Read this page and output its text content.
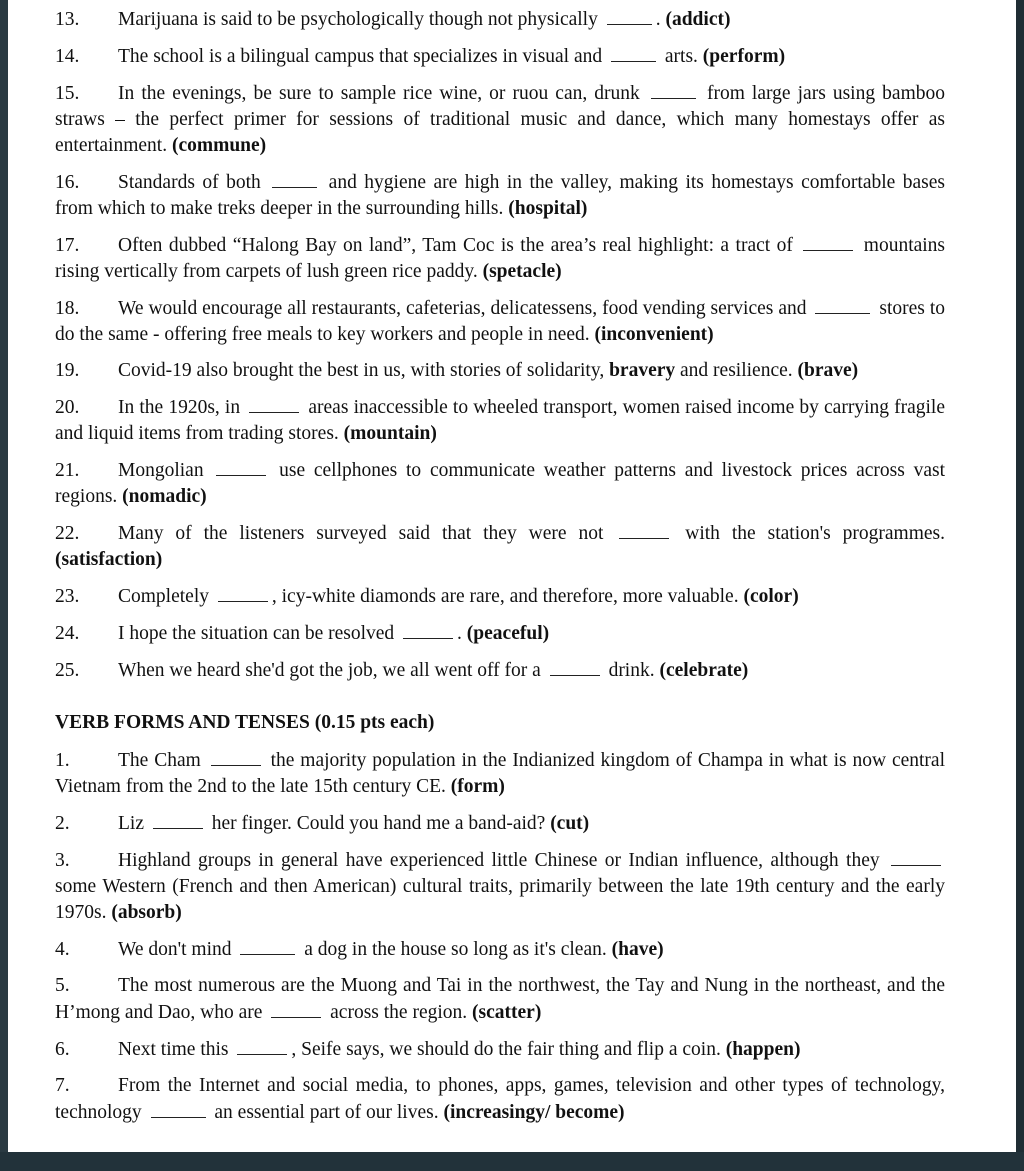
13. Marijuana is said to be psychologically though not physically	. (addict)
14. The school is a bilingual campus that specializes in visual and	arts. (perform)
15. In the evenings, be sure to sample rice wine, or ruou can, drunk	from large jars using bamboo straws – the perfect primer for sessions of traditional music and dance, which many homestays offer as entertainment. (commune)
16. Standards of both	and hygiene are high in the valley, making its homestays comfortable bases from which to make treks deeper in the surrounding hills. (hospital)
17. Often dubbed “Halong Bay on land”, Tam Coc is the area’s real highlight: a tract of	mountains rising vertically from carpets of lush green rice paddy. (spetacle)
18. We would encourage all restaurants, cafeterias, delicatessens, food vending services and	stores to do the same - offering free meals to key workers and people in need. (inconvenient)
19. Covid-19 also brought the best in us, with stories of solidarity, bravery and resilience. (brave)
20. In the 1920s, in	areas inaccessible to wheeled transport, women raised income by carrying fragile and liquid items from trading stores. (mountain)
21. Mongolian	use cellphones to communicate weather patterns and livestock prices across vast regions. (nomadic)
22. Many of the listeners surveyed said that they were not	with the station's programmes. (satisfaction)
23. Completely	, icy-white diamonds are rare, and therefore, more valuable. (color)
24. I hope the situation can be resolved	. (peaceful)
25. When we heard she'd got the job, we all went off for a	drink. (celebrate)
VERB FORMS AND TENSES (0.15 pts each)
1. The Cham	the majority population in the Indianized kingdom of Champa in what is now central Vietnam from the 2nd to the late 15th century CE. (form)
2. Liz	her finger. Could you hand me a band-aid? (cut)
3. Highland groups in general have experienced little Chinese or Indian influence, although they  some Western (French and then American) cultural traits, primarily between the late 19th century and the early 1970s. (absorb)
4. We don't mind	a dog in the house so long as it's clean. (have)
5. The most numerous are the Muong and Tai in the northwest, the Tay and Nung in the northeast, and the H’mong and Dao, who are	across the region. (scatter)
6. Next time this	, Seife says, we should do the fair thing and flip a coin. (happen)
7. From the Internet and social media, to phones, apps, games, television and other types of technology, technology	an essential part of our lives. (increasingy/ become)
